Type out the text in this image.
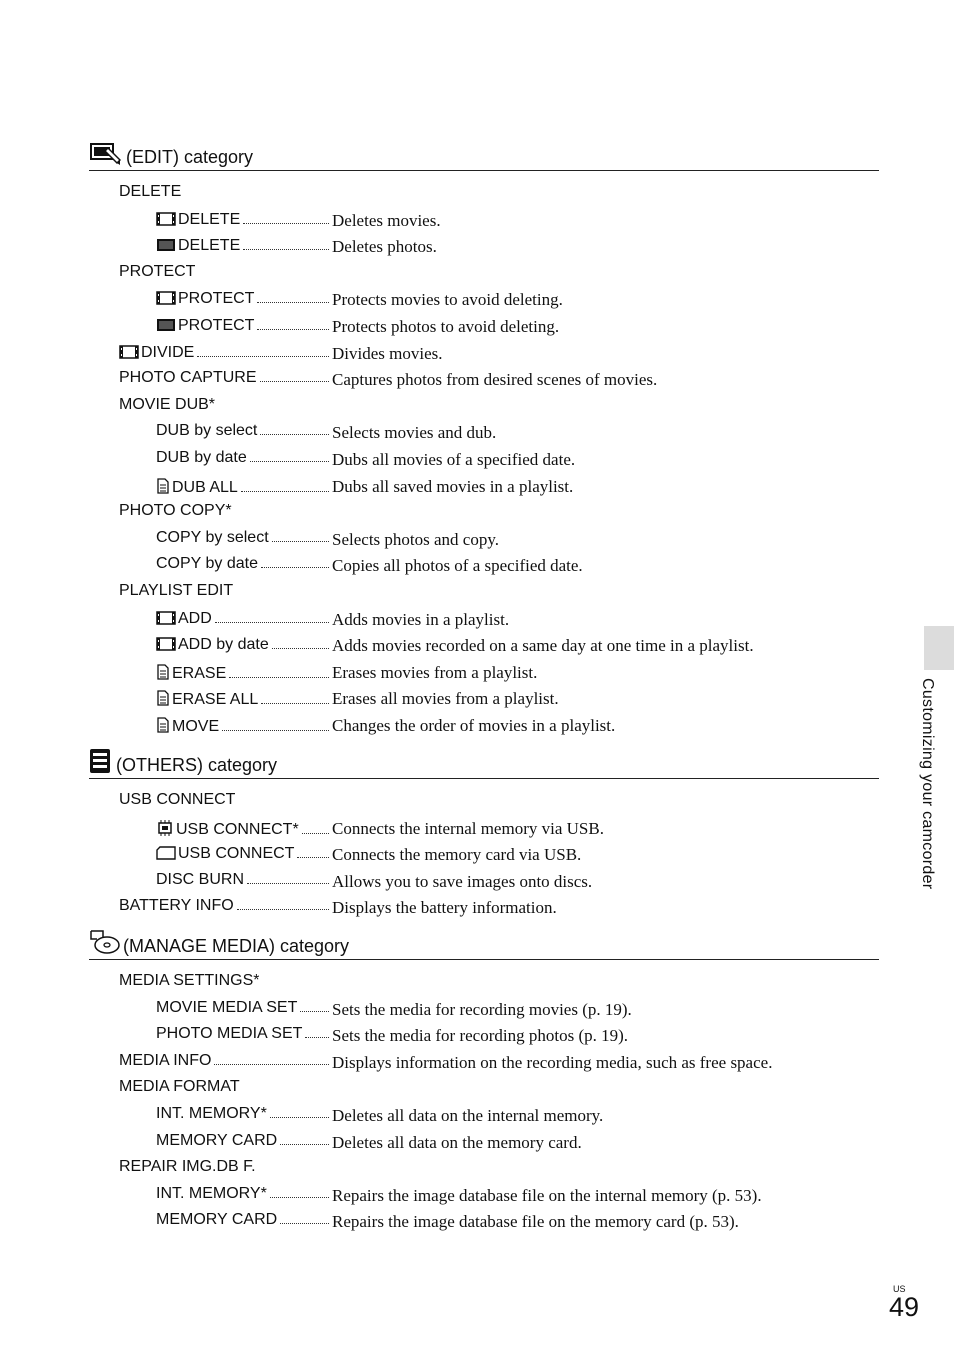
(EDIT) category
DELETE
DELETE	Deletes movies.
DELETE	Deletes photos.
PROTECT
PROTECT	Protects movies to avoid deleting.
PROTECT	Protects photos to avoid deleting.
DIVIDE	Divides movies.
PHOTO CAPTURE	Captures photos from desired scenes of movies.
MOVIE DUB*
DUB by select	Selects movies and dub.
DUB by date	Dubs all movies of a specified date.
DUB ALL	Dubs all saved movies in a playlist.
PHOTO COPY*
COPY by select	Selects photos and copy.
COPY by date	Copies all photos of a specified date.
PLAYLIST EDIT
ADD	Adds movies in a playlist.
ADD by date	Adds movies recorded on a same day at one time in a playlist.
ERASE	Erases movies from a playlist.
ERASE ALL	Erases all movies from a playlist.
MOVE	Changes the order of movies in a playlist.
(OTHERS) category
USB CONNECT
USB CONNECT* Connects the internal memory via USB.
USB CONNECT Connects the memory card via USB.
DISC BURN	Allows you to save images onto discs.
BATTERY INFO	Displays the battery information.
(MANAGE MEDIA) category
MEDIA SETTINGS*
MOVIE MEDIA SET Sets the media for recording movies (p. 19).
PHOTO MEDIA SET Sets the media for recording photos (p. 19).
MEDIA INFO	Displays information on the recording media, such as free space.
MEDIA FORMAT
INT. MEMORY*	Deletes all data on the internal memory.
MEMORY CARD	Deletes all data on the memory card.
REPAIR IMG.DB F.
INT. MEMORY*	Repairs the image database file on the internal memory (p. 53).
MEMORY CARD	Repairs the image database file on the memory card (p. 53).
Customizing your camcorder
US
49
